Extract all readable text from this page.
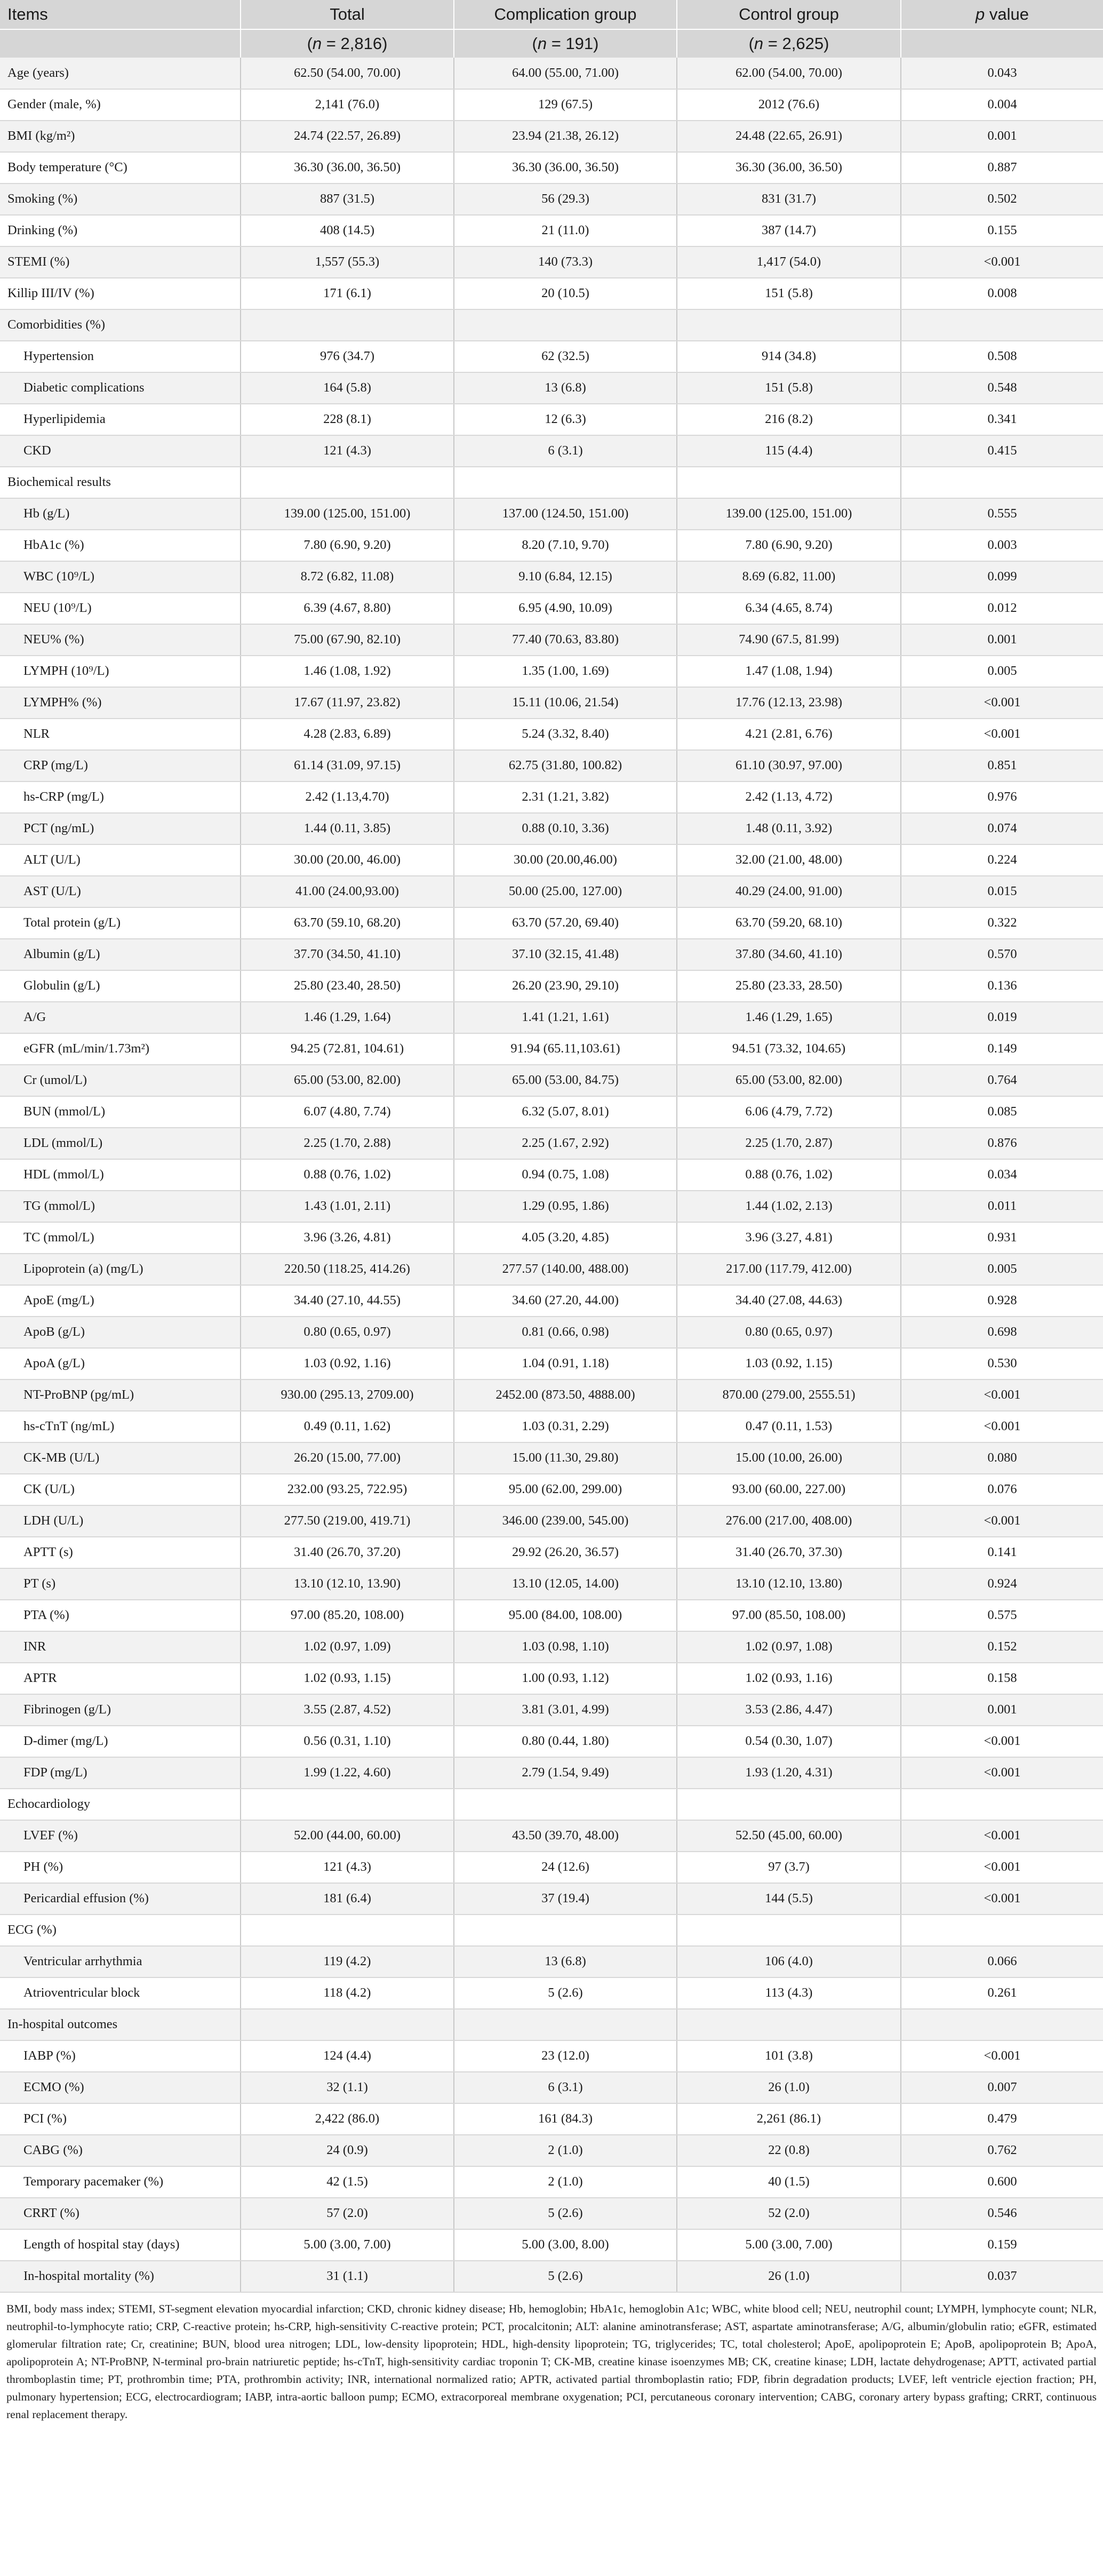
Items	Total	Complication group	Control group	p value
	(n = 2,816)	(n = 191)	(n = 2,625)	
Age (years)	62.50 (54.00, 70.00)	64.00 (55.00, 71.00)	62.00 (54.00, 70.00)	0.043
Gender (male, %)	2,141 (76.0)	129 (67.5)	2012 (76.6)	0.004
BMI (kg/m²)	24.74 (22.57, 26.89)	23.94 (21.38, 26.12)	24.48 (22.65, 26.91)	0.001
Body temperature (°C)	36.30 (36.00, 36.50)	36.30 (36.00, 36.50)	36.30 (36.00, 36.50)	0.887
Smoking (%)	887 (31.5)	56 (29.3)	831 (31.7)	0.502
Drinking (%)	408 (14.5)	21 (11.0)	387 (14.7)	0.155
STEMI (%)	1,557 (55.3)	140 (73.3)	1,417 (54.0)	<0.001
Killip III/IV (%)	171 (6.1)	20 (10.5)	151 (5.8)	0.008
Comorbidities (%)				
Hypertension	976 (34.7)	62 (32.5)	914 (34.8)	0.508
Diabetic complications	164 (5.8)	13 (6.8)	151 (5.8)	0.548
Hyperlipidemia	228 (8.1)	12 (6.3)	216 (8.2)	0.341
CKD	121 (4.3)	6 (3.1)	115 (4.4)	0.415
Biochemical results				
Hb (g/L)	139.00 (125.00, 151.00)	137.00 (124.50, 151.00)	139.00 (125.00, 151.00)	0.555
HbA1c (%)	7.80 (6.90, 9.20)	8.20 (7.10, 9.70)	7.80 (6.90, 9.20)	0.003
WBC (10⁹/L)	8.72 (6.82, 11.08)	9.10 (6.84, 12.15)	8.69 (6.82, 11.00)	0.099
NEU (10⁹/L)	6.39 (4.67, 8.80)	6.95 (4.90, 10.09)	6.34 (4.65, 8.74)	0.012
NEU% (%)	75.00 (67.90, 82.10)	77.40 (70.63, 83.80)	74.90 (67.5, 81.99)	0.001
LYMPH (10⁹/L)	1.46 (1.08, 1.92)	1.35 (1.00, 1.69)	1.47 (1.08, 1.94)	0.005
LYMPH% (%)	17.67 (11.97, 23.82)	15.11 (10.06, 21.54)	17.76 (12.13, 23.98)	<0.001
NLR	4.28 (2.83, 6.89)	5.24 (3.32, 8.40)	4.21 (2.81, 6.76)	<0.001
CRP (mg/L)	61.14 (31.09, 97.15)	62.75 (31.80, 100.82)	61.10 (30.97, 97.00)	0.851
hs-CRP (mg/L)	2.42 (1.13,4.70)	2.31 (1.21, 3.82)	2.42 (1.13, 4.72)	0.976
PCT (ng/mL)	1.44 (0.11, 3.85)	0.88 (0.10, 3.36)	1.48 (0.11, 3.92)	0.074
ALT (U/L)	30.00 (20.00, 46.00)	30.00 (20.00,46.00)	32.00 (21.00, 48.00)	0.224
AST (U/L)	41.00 (24.00,93.00)	50.00 (25.00, 127.00)	40.29 (24.00, 91.00)	0.015
Total protein (g/L)	63.70 (59.10, 68.20)	63.70 (57.20, 69.40)	63.70 (59.20, 68.10)	0.322
Albumin (g/L)	37.70 (34.50, 41.10)	37.10 (32.15, 41.48)	37.80 (34.60, 41.10)	0.570
Globulin (g/L)	25.80 (23.40, 28.50)	26.20 (23.90, 29.10)	25.80 (23.33, 28.50)	0.136
A/G	1.46 (1.29, 1.64)	1.41 (1.21, 1.61)	1.46 (1.29, 1.65)	0.019
eGFR (mL/min/1.73m²)	94.25 (72.81, 104.61)	91.94 (65.11,103.61)	94.51 (73.32, 104.65)	0.149
Cr (umol/L)	65.00 (53.00, 82.00)	65.00 (53.00, 84.75)	65.00 (53.00, 82.00)	0.764
BUN (mmol/L)	6.07 (4.80, 7.74)	6.32 (5.07, 8.01)	6.06 (4.79, 7.72)	0.085
LDL (mmol/L)	2.25 (1.70, 2.88)	2.25 (1.67, 2.92)	2.25 (1.70, 2.87)	0.876
HDL (mmol/L)	0.88 (0.76, 1.02)	0.94 (0.75, 1.08)	0.88 (0.76, 1.02)	0.034
TG (mmol/L)	1.43 (1.01, 2.11)	1.29 (0.95, 1.86)	1.44 (1.02, 2.13)	0.011
TC (mmol/L)	3.96 (3.26, 4.81)	4.05 (3.20, 4.85)	3.96 (3.27, 4.81)	0.931
Lipoprotein (a) (mg/L)	220.50 (118.25, 414.26)	277.57 (140.00, 488.00)	217.00 (117.79, 412.00)	0.005
ApoE (mg/L)	34.40 (27.10, 44.55)	34.60 (27.20, 44.00)	34.40 (27.08, 44.63)	0.928
ApoB (g/L)	0.80 (0.65, 0.97)	0.81 (0.66, 0.98)	0.80 (0.65, 0.97)	0.698
ApoA (g/L)	1.03 (0.92, 1.16)	1.04 (0.91, 1.18)	1.03 (0.92, 1.15)	0.530
NT-ProBNP (pg/mL)	930.00 (295.13, 2709.00)	2452.00 (873.50, 4888.00)	870.00 (279.00, 2555.51)	<0.001
hs-cTnT (ng/mL)	0.49 (0.11, 1.62)	1.03 (0.31, 2.29)	0.47 (0.11, 1.53)	<0.001
CK-MB (U/L)	26.20 (15.00, 77.00)	15.00 (11.30, 29.80)	15.00 (10.00, 26.00)	0.080
CK (U/L)	232.00 (93.25, 722.95)	95.00 (62.00, 299.00)	93.00 (60.00, 227.00)	0.076
LDH (U/L)	277.50 (219.00, 419.71)	346.00 (239.00, 545.00)	276.00 (217.00, 408.00)	<0.001
APTT (s)	31.40 (26.70, 37.20)	29.92 (26.20, 36.57)	31.40 (26.70, 37.30)	0.141
PT (s)	13.10 (12.10, 13.90)	13.10 (12.05, 14.00)	13.10 (12.10, 13.80)	0.924
PTA (%)	97.00 (85.20, 108.00)	95.00 (84.00, 108.00)	97.00 (85.50, 108.00)	0.575
INR	1.02 (0.97, 1.09)	1.03 (0.98, 1.10)	1.02 (0.97, 1.08)	0.152
APTR	1.02 (0.93, 1.15)	1.00 (0.93, 1.12)	1.02 (0.93, 1.16)	0.158
Fibrinogen (g/L)	3.55 (2.87, 4.52)	3.81 (3.01, 4.99)	3.53 (2.86, 4.47)	0.001
D-dimer (mg/L)	0.56 (0.31, 1.10)	0.80 (0.44, 1.80)	0.54 (0.30, 1.07)	<0.001
FDP (mg/L)	1.99 (1.22, 4.60)	2.79 (1.54, 9.49)	1.93 (1.20, 4.31)	<0.001
Echocardiology				
LVEF (%)	52.00 (44.00, 60.00)	43.50 (39.70, 48.00)	52.50 (45.00, 60.00)	<0.001
PH (%)	121 (4.3)	24 (12.6)	97 (3.7)	<0.001
Pericardial effusion (%)	181 (6.4)	37 (19.4)	144 (5.5)	<0.001
ECG (%)				
Ventricular arrhythmia	119 (4.2)	13 (6.8)	106 (4.0)	0.066
Atrioventricular block	118 (4.2)	5 (2.6)	113 (4.3)	0.261
In-hospital outcomes				
IABP (%)	124 (4.4)	23 (12.0)	101 (3.8)	<0.001
ECMO (%)	32 (1.1)	6 (3.1)	26 (1.0)	0.007
PCI (%)	2,422 (86.0)	161 (84.3)	2,261 (86.1)	0.479
CABG (%)	24 (0.9)	2 (1.0)	22 (0.8)	0.762
Temporary pacemaker (%)	42 (1.5)	2 (1.0)	40 (1.5)	0.600
CRRT (%)	57 (2.0)	5 (2.6)	52 (2.0)	0.546
Length of hospital stay (days)	5.00 (3.00, 7.00)	5.00 (3.00, 8.00)	5.00 (3.00, 7.00)	0.159
In-hospital mortality (%)	31 (1.1)	5 (2.6)	26 (1.0)	0.037
BMI, body mass index; STEMI, ST-segment elevation myocardial infarction; CKD, chronic kidney disease; Hb, hemoglobin; HbA1c, hemoglobin A1c; WBC, white blood cell; NEU, neutrophil count; LYMPH, lymphocyte count; NLR, neutrophil-to-lymphocyte ratio; CRP, C-reactive protein; hs-CRP, high-sensitivity C-reactive protein; PCT, procalcitonin; ALT: alanine aminotransferase; AST, aspartate aminotransferase; A/G, albumin/globulin ratio; eGFR, estimated glomerular filtration rate; Cr, creatinine; BUN, blood urea nitrogen; LDL, low-density lipoprotein; HDL, high-density lipoprotein; TG, triglycerides; TC, total cholesterol; ApoE, apolipoprotein E; ApoB, apolipoprotein B; ApoA, apolipoprotein A; NT-ProBNP, N-terminal pro-brain natriuretic peptide; hs-cTnT, high-sensitivity cardiac troponin T; CK-MB, creatine kinase isoenzymes MB; CK, creatine kinase; LDH, lactate dehydrogenase; APTT, activated partial thromboplastin time; PT, prothrombin time; PTA, prothrombin activity; INR, international normalized ratio; APTR, activated partial thromboplastin ratio; FDP, fibrin degradation products; LVEF, left ventricle ejection fraction; PH, pulmonary hypertension; ECG, electrocardiogram; IABP, intra-aortic balloon pump; ECMO, extracorporeal membrane oxygenation; PCI, percutaneous coronary intervention; CABG, coronary artery bypass grafting; CRRT, continuous renal replacement therapy.
